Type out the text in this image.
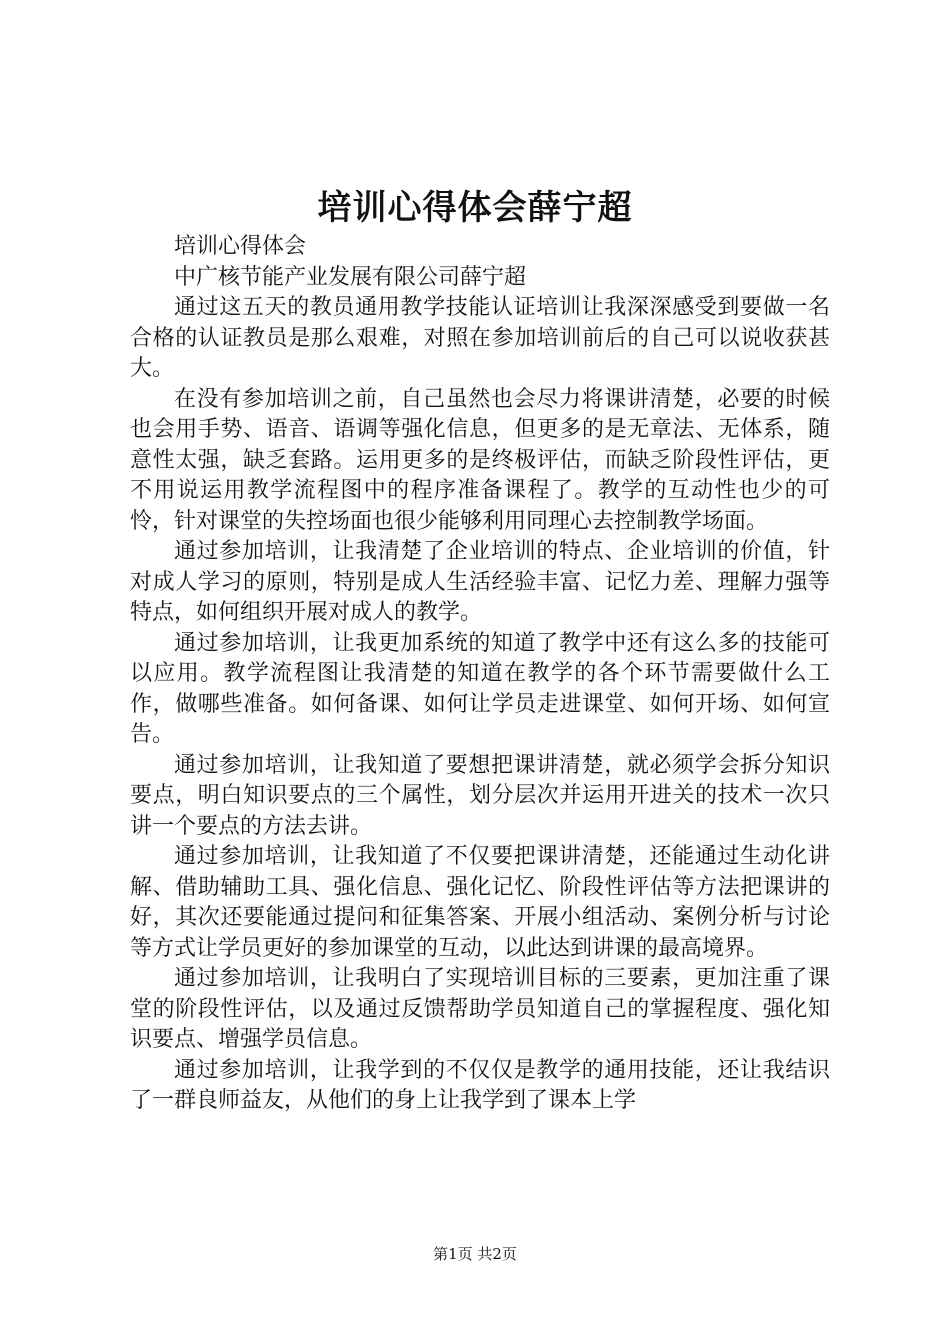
培训心得体会薛宁超

培训心得体会

中广核节能产业发展有限公司薛宁超

通过这五天的教员通用教学技能认证培训让我深深感受到要做一名合格的认证教员是那么艰难，对照在参加培训前后的自己可以说收获甚大。

在没有参加培训之前，自己虽然也会尽力将课讲清楚，必要的时候也会用手势、语音、语调等强化信息，但更多的是无章法、无体系，随意性太强，缺乏套路。运用更多的是终极评估，而缺乏阶段性评估，更不用说运用教学流程图中的程序准备课程了。教学的互动性也少的可怜，针对课堂的失控场面也很少能够利用同理心去控制教学场面。

通过参加培训，让我清楚了企业培训的特点、企业培训的价值，针对成人学习的原则，特别是成人生活经验丰富、记忆力差、理解力强等特点，如何组织开展对成人的教学。

通过参加培训，让我更加系统的知道了教学中还有这么多的技能可以应用。教学流程图让我清楚的知道在教学的各个环节需要做什么工作，做哪些准备。如何备课、如何让学员走进课堂、如何开场、如何宣告。

通过参加培训，让我知道了要想把课讲清楚，就必须学会拆分知识要点，明白知识要点的三个属性，划分层次并运用开进关的技术一次只讲一个要点的方法去讲。

通过参加培训，让我知道了不仅要把课讲清楚，还能通过生动化讲解、借助辅助工具、强化信息、强化记忆、阶段性评估等方法把课讲的好，其次还要能通过提问和征集答案、开展小组活动、案例分析与讨论等方式让学员更好的参加课堂的互动，以此达到讲课的最高境界。

通过参加培训，让我明白了实现培训目标的三要素，更加注重了课堂的阶段性评估，以及通过反馈帮助学员知道自己的掌握程度、强化知识要点、增强学员信息。

通过参加培训，让我学到的不仅仅是教学的通用技能，还让我结识了一群良师益友，从他们的身上让我学到了课本上学

第1页 共2页
